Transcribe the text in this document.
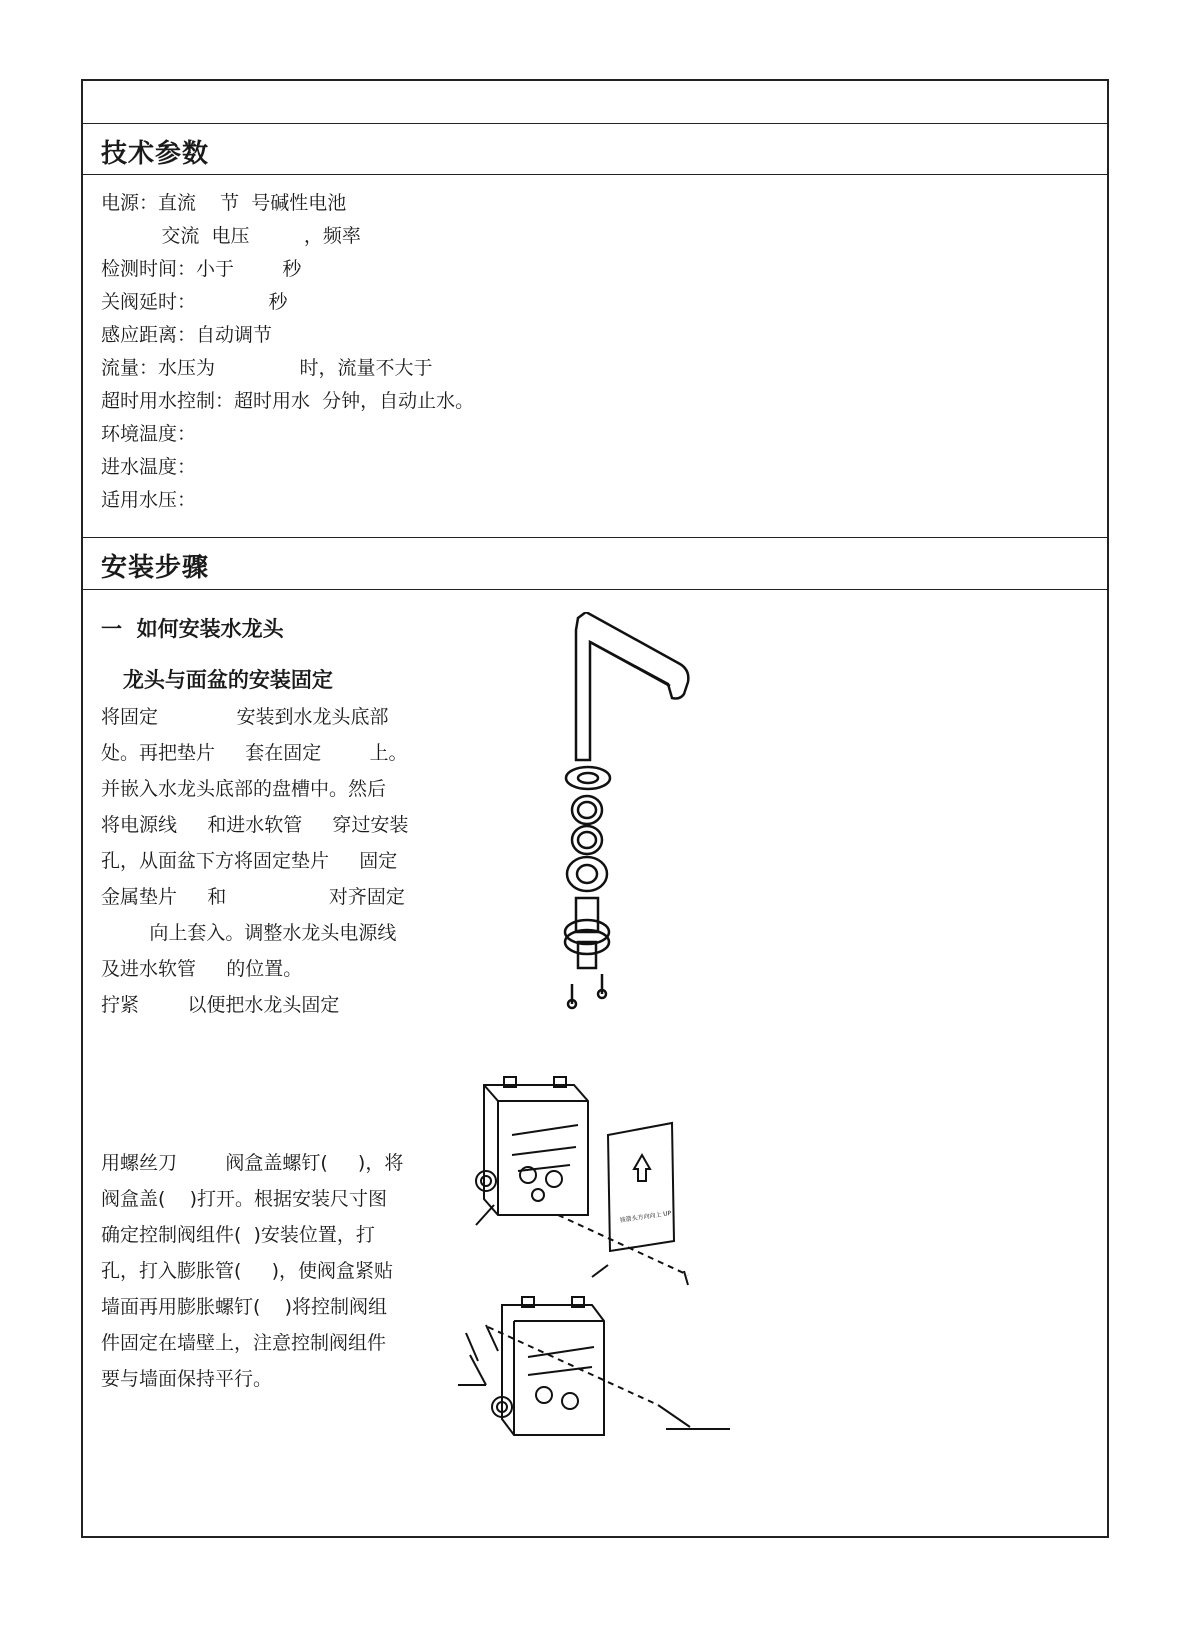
技术参数
电源：直流    节  号碱性电池
交流  电压         ，频率
检测时间：小于        秒
关阀延时：            秒
感应距离：自动调节
流量：水压为              时，流量不大于
超时用水控制：超时用水  分钟，自动止水。
环境温度：
进水温度：
适用水压：
安装步骤
一  如何安装水龙头
龙头与面盆的安装固定
将固定             安装到水龙头底部
处。再把垫片     套在固定        上。
并嵌入水龙头底部的盘槽中。然后
将电源线     和进水软管     穿过安装
孔，从面盆下方将固定垫片     固定
金属垫片     和                 对齐固定
向上套入。调整水龙头电源线
及进水软管     的位置。
拧紧        以便把水龙头固定
用螺丝刀        阀盒盖螺钉(     )，将
阀盒盖(    )打开。根据安装尺寸图
确定控制阀组件(  )安装位置，打
孔，打入膨胀管(     )，使阀盒紧贴
墙面再用膨胀螺钉(    )将控制阀组
件固定在墙壁上，注意控制阀组件
要与墙面保持平行。
按箭头方向向上 UP
